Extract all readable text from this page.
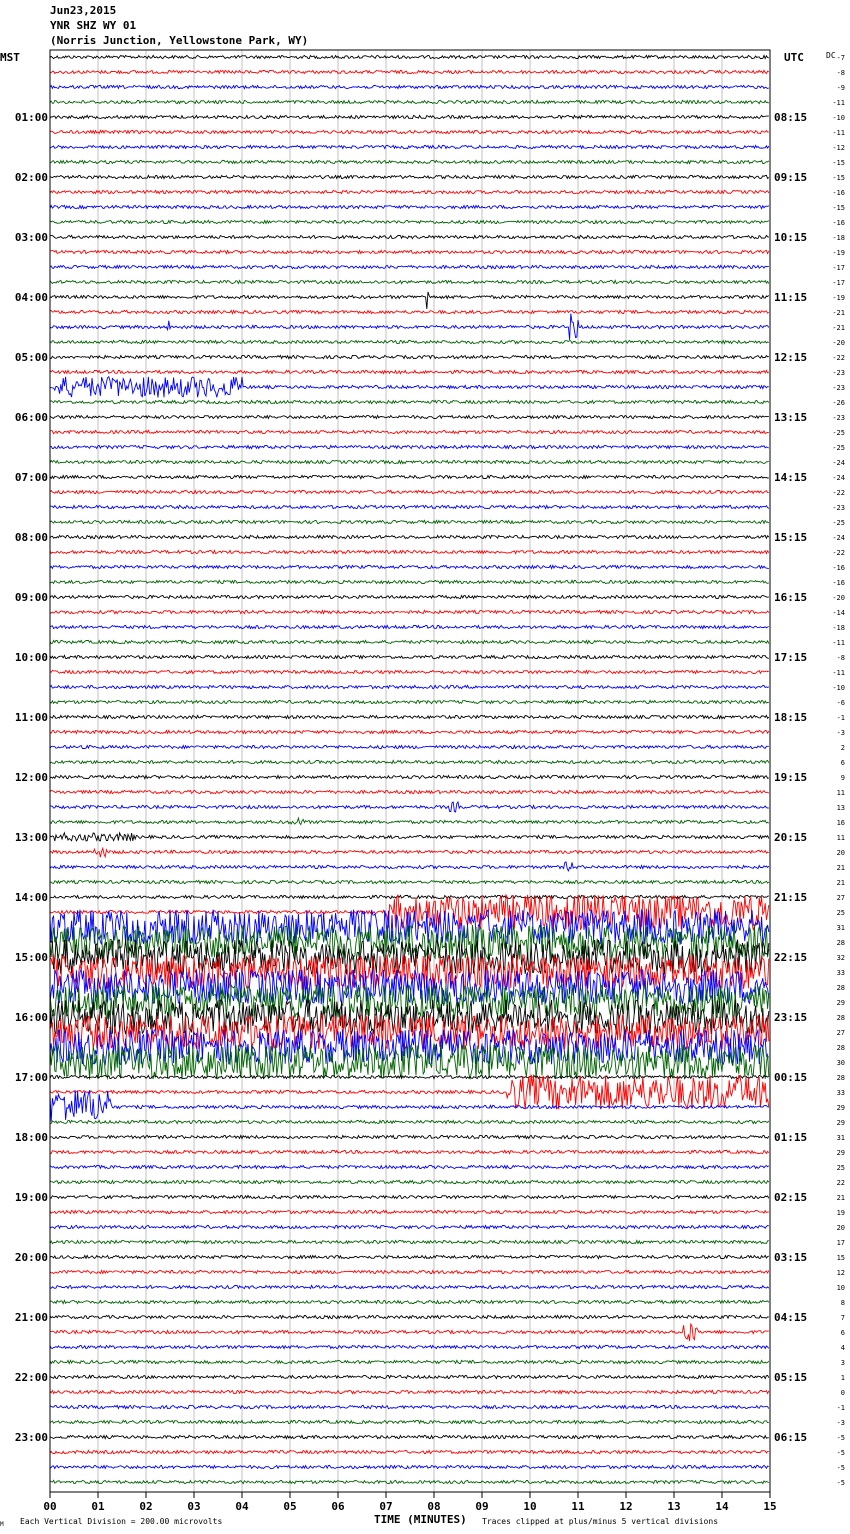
Jun23,2015
YNR SHZ WY 01
(Norris Junction, Yellowstone Park, WY)
-7
-8
-9
-11
-10
01:00	08:15
-11
-12
-15
-15
02:00	09:15
-16
-15
-16
-18
03:00	10:15
-19
-17
-17
-19
04:00	11:15
-21
-21
-20
-22
05:00	12:15
-23
-23
-26
-23
06:00	13:15
-25
-25
-24
-24
07:00	14:15
-22
-23
-25
-24
08:00	15:15
-22
-16
-16
-20
09:00	16:15
-14
-18
-11
-8
10:00	17:15
-11
-10
-6
-1
11:00	18:15
-3
2
6
9
12:00	19:15
11
13
16
11
13:00	20:15
20
21
21
27
14:00	21:15
25
31
28
32
15:00	22:15
33
28
29
28
16:00	23:15
27
28
30
28
17:00	00:15
33
29
29
31
18:00	01:15
29
25
22
21
19:00	02:15
19
20
17
15
20:00	03:15
12
10
8
7
21:00	04:15
6
4
3
1
22:00	05:15
0
-1
-3
-5
23:00	06:15
-5
-5
-5
00	01	02	03	04	05	06	07	08	09	10	11	12	13	14	15
MST	UTC	DC
TIME (MINUTES)
Each Vertical Division = 200.00 microvolts	Traces clipped at plus/minus 5 vertical divisions
M
